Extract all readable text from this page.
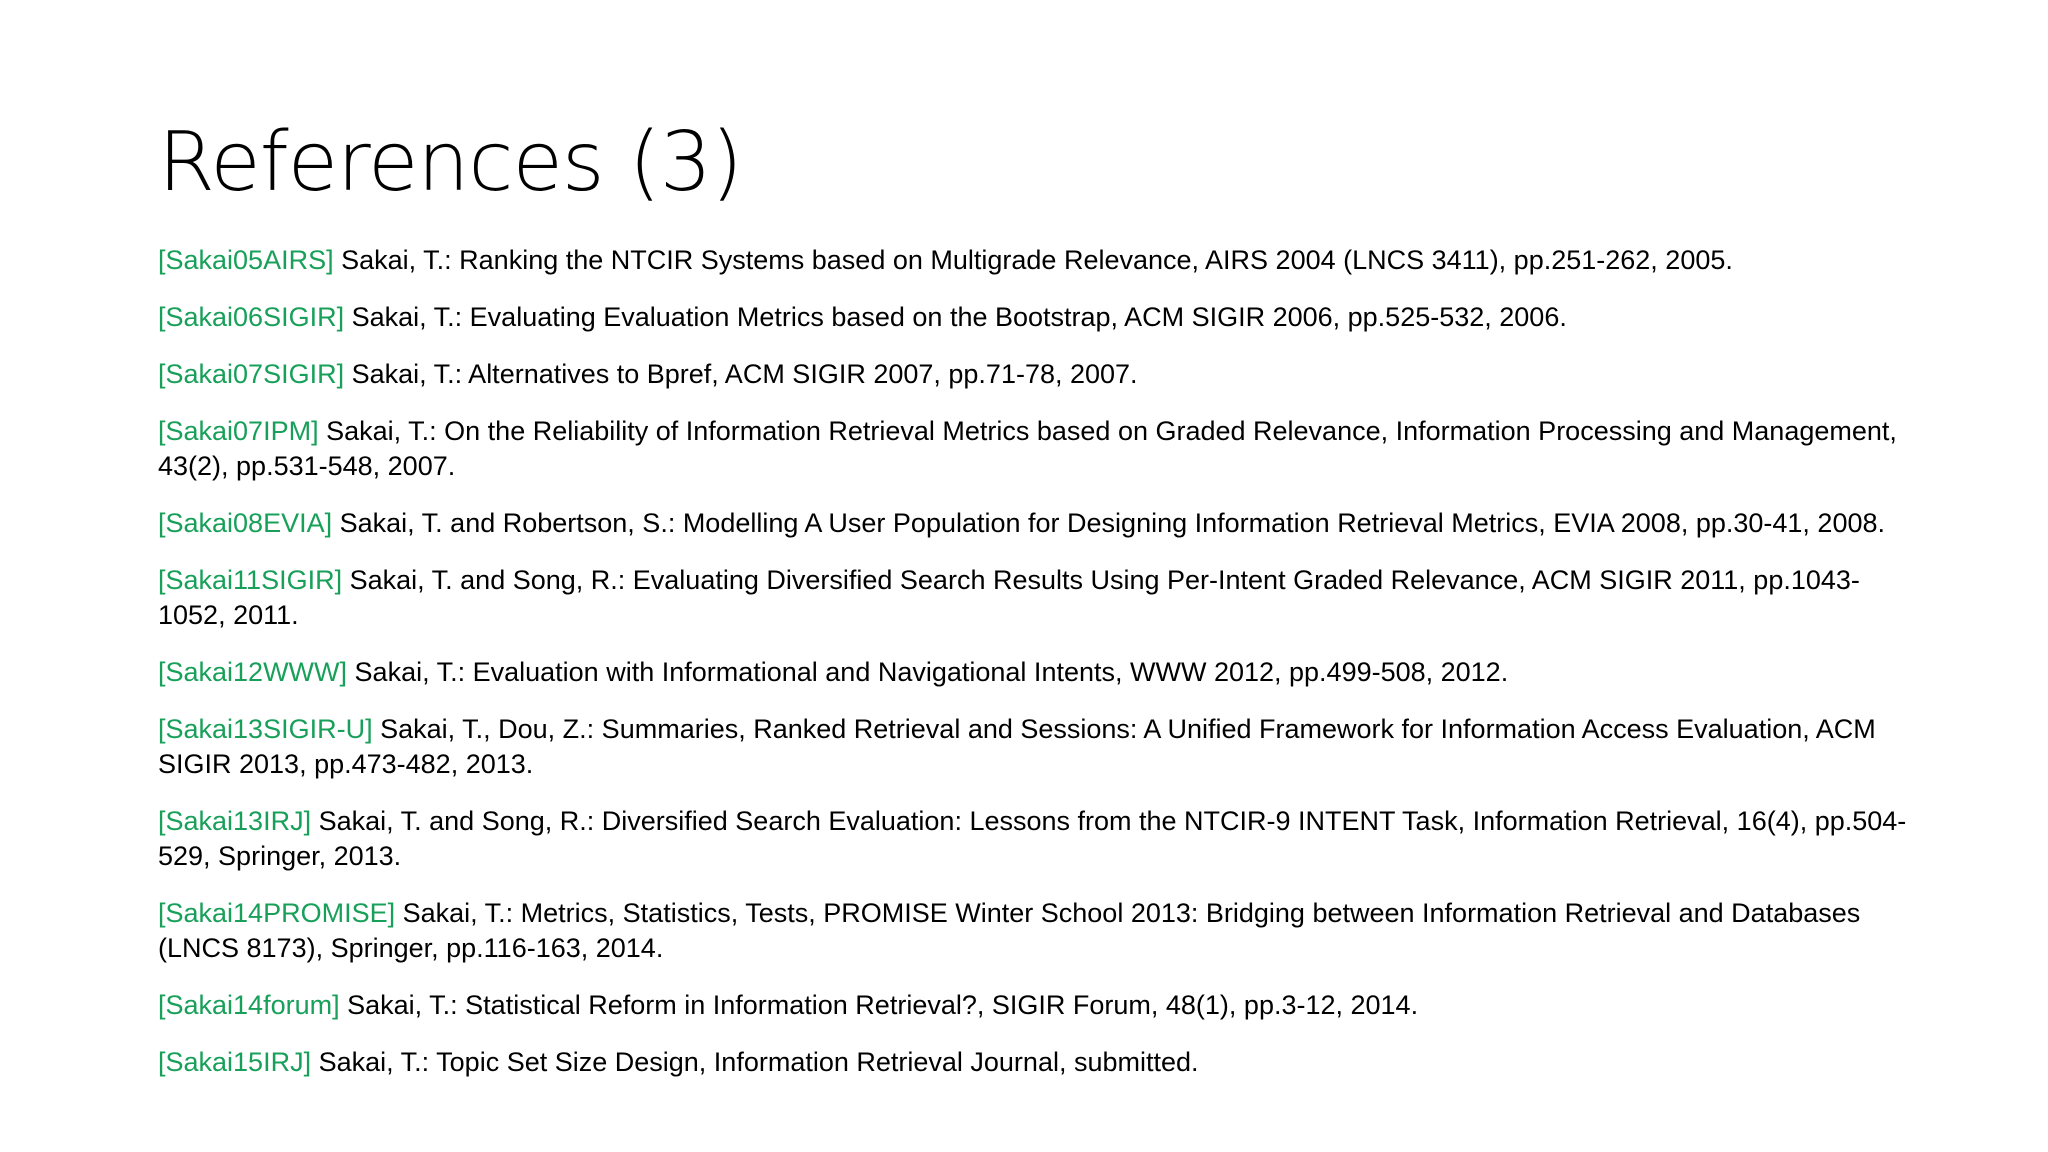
References (3)
[Sakai05AIRS] Sakai, T.: Ranking the NTCIR Systems based on Multigrade Relevance, AIRS 2004 (LNCS 3411), pp.251-262, 2005.
[Sakai06SIGIR] Sakai, T.: Evaluating Evaluation Metrics based on the Bootstrap, ACM SIGIR 2006, pp.525-532, 2006.
[Sakai07SIGIR] Sakai, T.: Alternatives to Bpref, ACM SIGIR 2007, pp.71-78, 2007.
[Sakai07IPM] Sakai, T.: On the Reliability of Information Retrieval Metrics based on Graded Relevance, Information Processing and Management, 43(2), pp.531-548, 2007.
[Sakai08EVIA] Sakai, T. and Robertson, S.: Modelling A User Population for Designing Information Retrieval Metrics, EVIA 2008, pp.30-41, 2008.
[Sakai11SIGIR] Sakai, T. and Song, R.: Evaluating Diversified Search Results Using Per-Intent Graded Relevance, ACM SIGIR 2011, pp.1043-1052, 2011.
[Sakai12WWW] Sakai, T.: Evaluation with Informational and Navigational Intents, WWW 2012, pp.499-508, 2012.
[Sakai13SIGIR-U] Sakai, T., Dou, Z.: Summaries, Ranked Retrieval and Sessions: A Unified Framework for Information Access Evaluation, ACM SIGIR 2013, pp.473-482, 2013.
[Sakai13IRJ] Sakai, T. and Song, R.: Diversified Search Evaluation: Lessons from the NTCIR-9 INTENT Task, Information Retrieval, 16(4), pp.504-529, Springer, 2013.
[Sakai14PROMISE] Sakai, T.: Metrics, Statistics, Tests, PROMISE Winter School 2013: Bridging between Information Retrieval and Databases (LNCS 8173), Springer, pp.116-163, 2014.
[Sakai14forum] Sakai, T.: Statistical Reform in Information Retrieval?, SIGIR Forum, 48(1), pp.3-12, 2014.
[Sakai15IRJ] Sakai, T.: Topic Set Size Design, Information Retrieval Journal, submitted.
